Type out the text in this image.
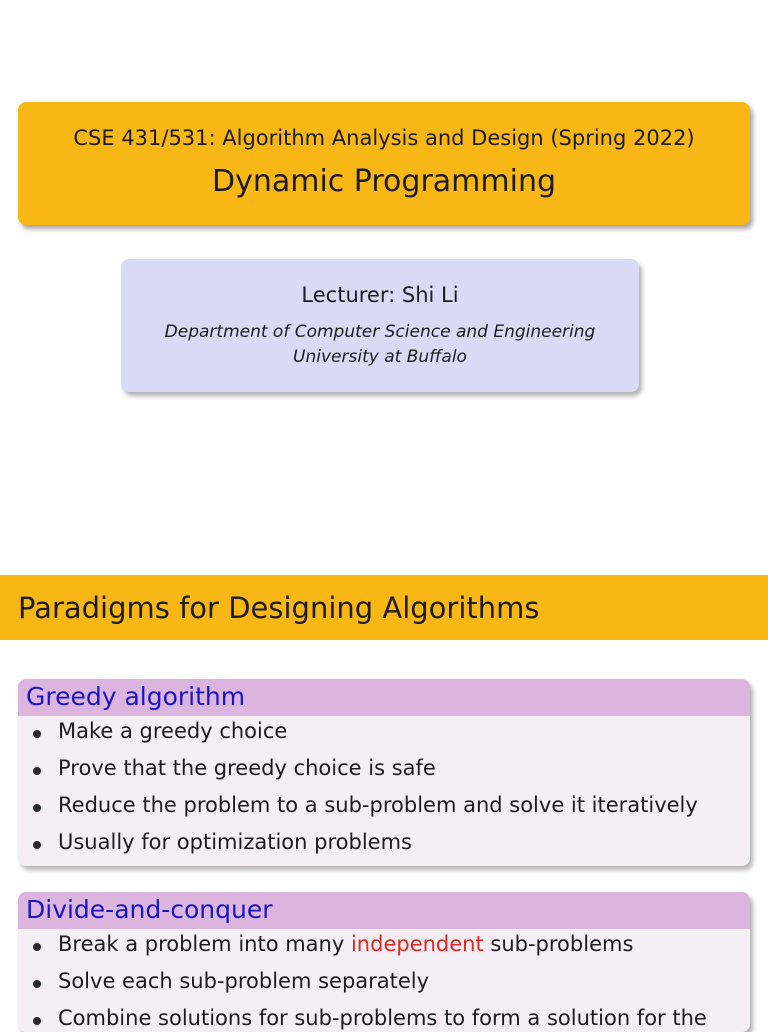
CSE 431/531: Algorithm Analysis and Design (Spring 2022)
Dynamic Programming
Lecturer: Shi Li
Department of Computer Science and Engineering
University at Buffalo
Paradigms for Designing Algorithms
Greedy algorithm
Make a greedy choice
Prove that the greedy choice is safe
Reduce the problem to a sub-problem and solve it iteratively
Usually for optimization problems
Divide-and-conquer
Break a problem into many independent sub-problems
Solve each sub-problem separately
Combine solutions for sub-problems to form a solution for the
